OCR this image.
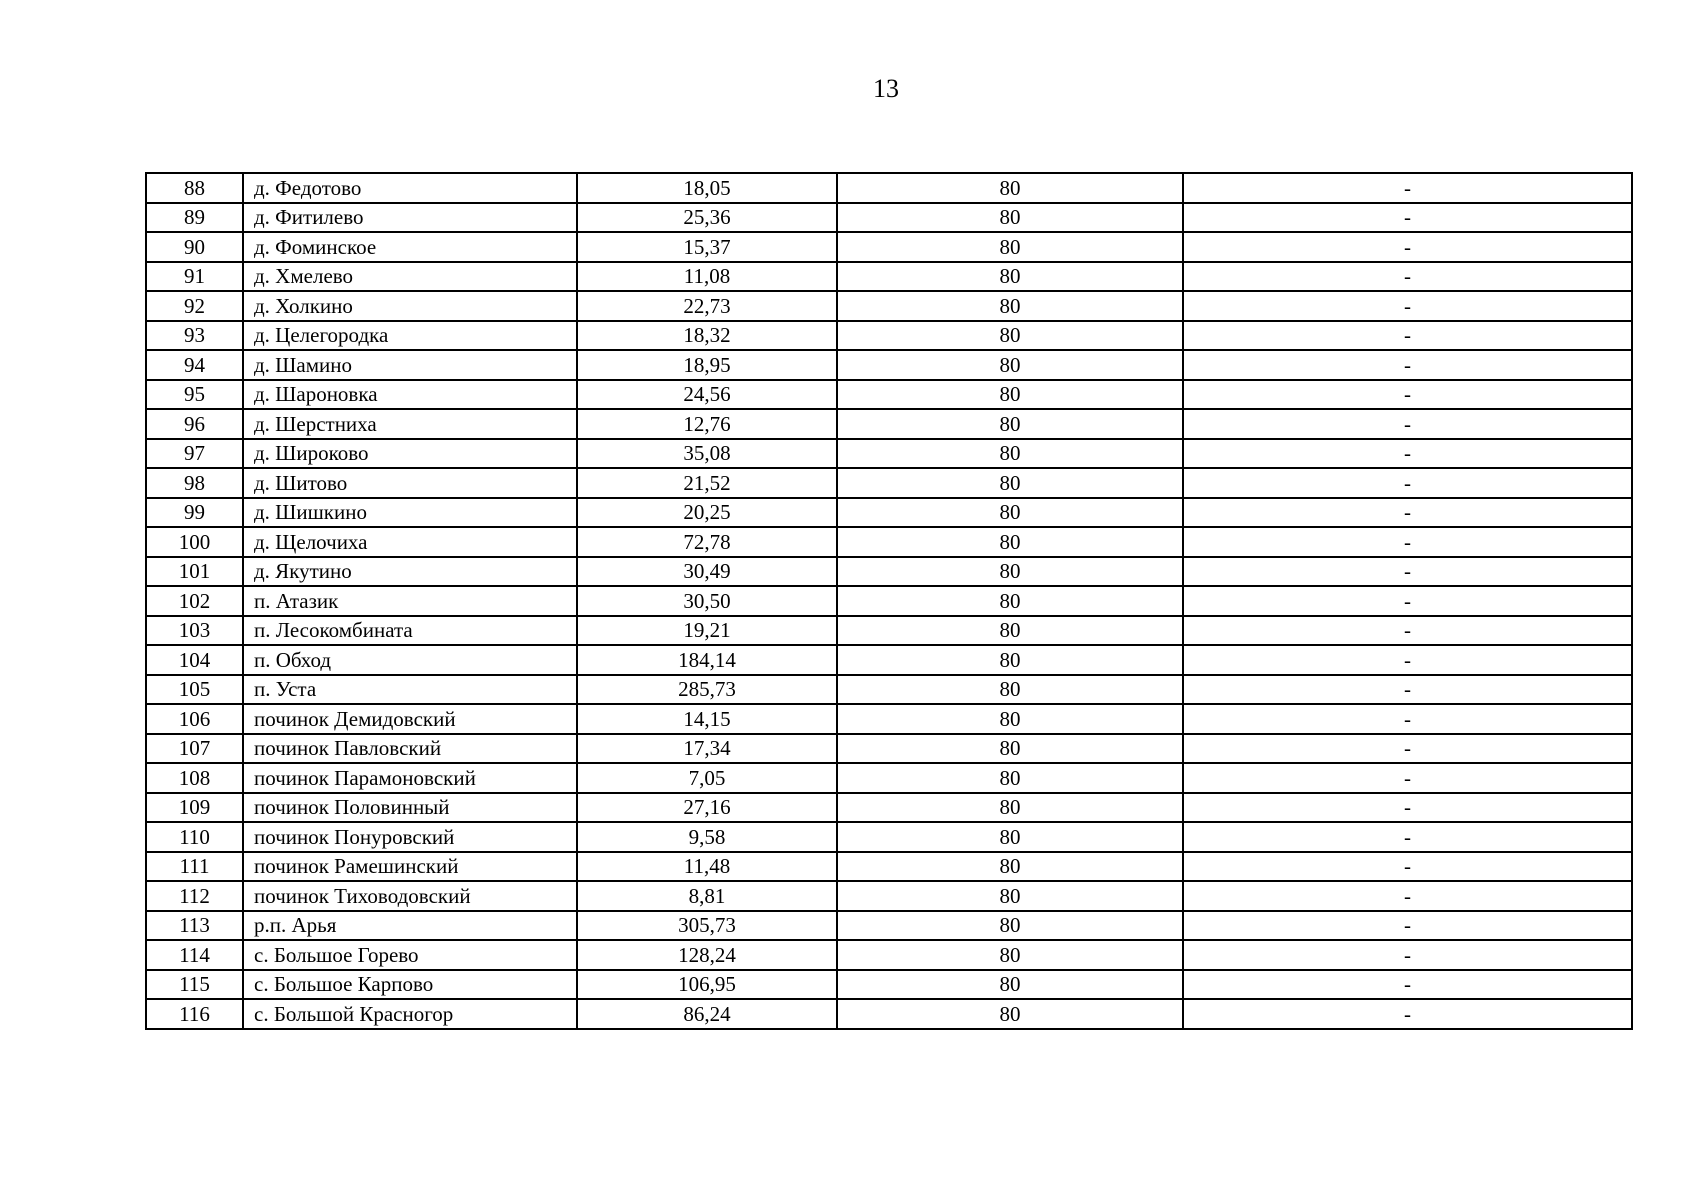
13
88	д. Федотово	18,05	80	-
89	д. Фитилево	25,36	80	-
90	д. Фоминское	15,37	80	-
91	д. Хмелево	11,08	80	-
92	д. Холкино	22,73	80	-
93	д. Целегородка	18,32	80	-
94	д. Шамино	18,95	80	-
95	д. Шароновка	24,56	80	-
96	д. Шерстниха	12,76	80	-
97	д. Широково	35,08	80	-
98	д. Шитово	21,52	80	-
99	д. Шишкино	20,25	80	-
100	д. Щелочиха	72,78	80	-
101	д. Якутино	30,49	80	-
102	п. Атазик	30,50	80	-
103	п. Лесокомбината	19,21	80	-
104	п. Обход	184,14	80	-
105	п. Уста	285,73	80	-
106	починок Демидовский	14,15	80	-
107	починок Павловский	17,34	80	-
108	починок Парамоновский	7,05	80	-
109	починок Половинный	27,16	80	-
110	починок Понуровский	9,58	80	-
111	починок Рамешинский	11,48	80	-
112	починок Тиховодовский	8,81	80	-
113	р.п. Арья	305,73	80	-
114	с. Большое Горево	128,24	80	-
115	с. Большое Карпово	106,95	80	-
116	с. Большой Красногор	86,24	80	-
